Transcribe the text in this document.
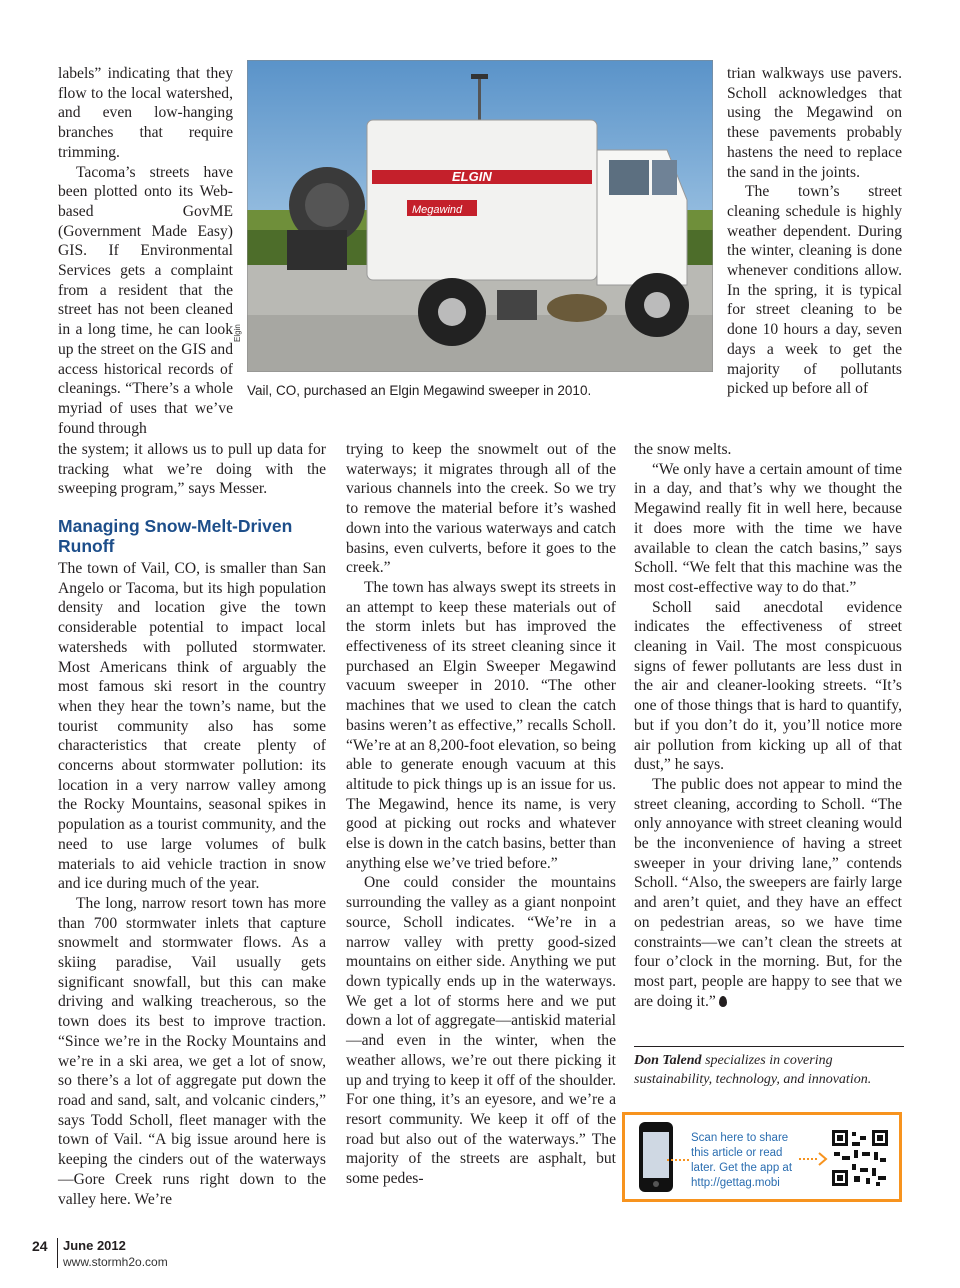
labels” indicating that they flow to the local watershed, and even low-hanging branches that require trimming.

Tacoma’s streets have been plotted onto its Web-based GovME (Government Made Easy) GIS. If Environmental Services gets a complaint from a resident that the street has not been cleaned in a long time, he can look up the street on the GIS and access historical records of cleanings. “There’s a whole myriad of uses that we’ve found through

ELGIN
Megawind
Elgin
Vail, CO, purchased an Elgin Megawind sweeper in 2010.

trian walkways use pavers. Scholl acknowledges that using the Megawind on these pavements probably hastens the need to replace the sand in the joints.

The town’s street cleaning schedule is highly weather dependent. During the winter, cleaning is done whenever conditions allow. In the spring, it is typical for street cleaning to be done 10 hours a day, seven days a week to get the majority of pollutants picked up before all of

the system; it allows us to pull up data for tracking what we’re doing with the sweeping program,” says Messer.

Managing Snow-Melt-Driven Runoff

The town of Vail, CO, is smaller than San Angelo or Tacoma, but its high population density and location give the town considerable potential to impact local watersheds with polluted stormwater. Most Americans think of arguably the most famous ski resort in the country when they hear the town’s name, but the tourist community also has some characteristics that create plenty of concerns about stormwater pollution: its location in a very narrow valley among the Rocky Mountains, seasonal spikes in population as a tourist community, and the need to use large volumes of bulk materials to aid vehicle traction in snow and ice during much of the year.

The long, narrow resort town has more than 700 stormwater inlets that capture snowmelt and stormwater flows. As a skiing paradise, Vail usually gets significant snowfall, but this can make driving and walking treacherous, so the town does its best to improve traction. “Since we’re in the Rocky Mountains and we’re in a ski area, we get a lot of snow, so there’s a lot of aggregate put down the road and sand, salt, and volcanic cinders,” says Todd Scholl, fleet manager with the town of Vail. “A big issue around here is keeping the cinders out of the waterways—Gore Creek runs right down to the valley here. We’re

trying to keep the snowmelt out of the waterways; it migrates through all of the various channels into the creek. So we try to remove the material before it’s washed down into the various waterways and catch basins, even culverts, before it goes to the creek.”

The town has always swept its streets in an attempt to keep these materials out of the storm inlets but has improved the effectiveness of its street cleaning since it purchased an Elgin Sweeper Megawind vacuum sweeper in 2010. “The other machines that we used to clean the catch basins weren’t as effective,” recalls Scholl. “We’re at an 8,200-foot elevation, so being able to generate enough vacuum at this altitude to pick things up is an issue for us. The Megawind, hence its name, is very good at picking out rocks and whatever else is down in the catch basins, better than anything else we’ve tried before.”

One could consider the mountains surrounding the valley as a giant nonpoint source, Scholl indicates. “We’re in a narrow valley with pretty good-sized mountains on either side. Anything we put down typically ends up in the waterways. We get a lot of storms here and we put down a lot of aggregate—antiskid material—and even in the winter, when the weather allows, we’re out there picking it up and trying to keep it off of the shoulder. For one thing, it’s an eyesore, and we’re a resort community. We keep it off of the road but also out of the waterways.” The majority of the streets are asphalt, but some pedes-

the snow melts.

“We only have a certain amount of time in a day, and that’s why we thought the Megawind really fit in well here, because it does more with the time we have available to clean the catch basins,” says Scholl. “We felt that this machine was the most cost-effective way to do that.”

Scholl said anecdotal evidence indicates the effectiveness of street cleaning in Vail. The most conspicuous signs of fewer pollutants are less dust in the air and cleaner-looking streets. “It’s one of those things that is hard to quantify, but if you don’t do it, you’ll notice more air pollution from kicking up all of that dust,” he says.

The public does not appear to mind the street cleaning, according to Scholl. “The only annoyance with street cleaning would be the inconvenience of having a street sweeper in your driving lane,” contends Scholl. “Also, the sweepers are fairly large and aren’t quiet, and they have an effect on pedestrian areas, so we have time constraints—we can’t clean the streets at four o’clock in the morning. But, for the most part, people are happy to see that we are doing it.”

Don Talend specializes in covering sustainability, technology, and innovation.
Scan here to share this article or read later. Get the app at http://gettag.mobi
24 June 2012
www.stormh2o.com
